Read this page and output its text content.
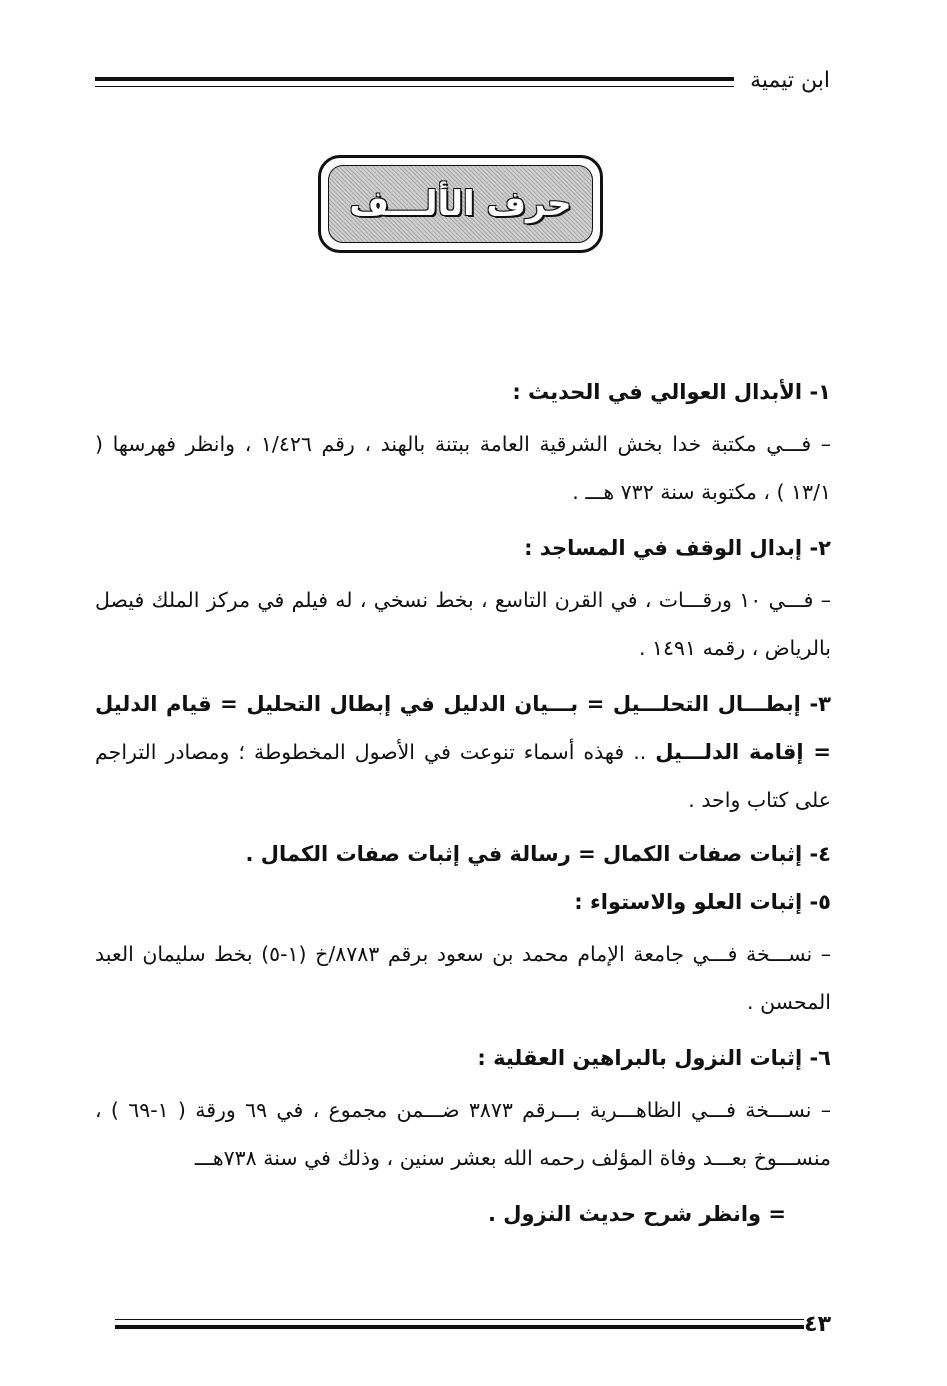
ابن تيمية
حرف الألـــف

١- الأبدال العوالي في الحديث :

– فـــي مكتبة خدا بخش الشرقية العامة ببتنة بالهند ، رقم ١/٤٢٦ ، وانظر فهرسها ( ١٣/١ ) ، مكتوبة سنة ٧٣٢ هـــ .

٢- إبدال الوقف في المساجد :

– فـــي ١٠ ورقـــات ، في القرن التاسع ، بخط نسخي ، له فيلم في مركز الملك فيصل بالرياض ، رقمه ١٤٩١ .

٣- إبطـــال التحلـــيل = بـــيان الدليل في إبطال التحليل = قيام الدليل = إقامة الدلـــيل .. فهذه أسماء تنوعت في الأصول المخطوطة ؛ ومصادر التراجم على كتاب واحد .

٤- إثبات صفات الكمال = رسالة في إثبات صفات الكمال .

٥- إثبات العلو والاستواء :

– نســـخة فـــي جامعة الإمام محمد بن سعود برقم ٨٧٨٣/خ (١-٥) بخط سليمان العبد المحسن .

٦- إثبات النزول بالبراهين العقلية :

– نســـخة فـــي الظاهـــرية بـــرقم ٣٨٧٣ ضـــمن مجموع ، في ٦٩ ورقة ( ١-٦٩ ) ، منســـوخ بعـــد وفاة المؤلف رحمه الله بعشر سنين ، وذلك في سنة ٧٣٨هـــ

= وانظر شرح حديث النزول .

٤٣
